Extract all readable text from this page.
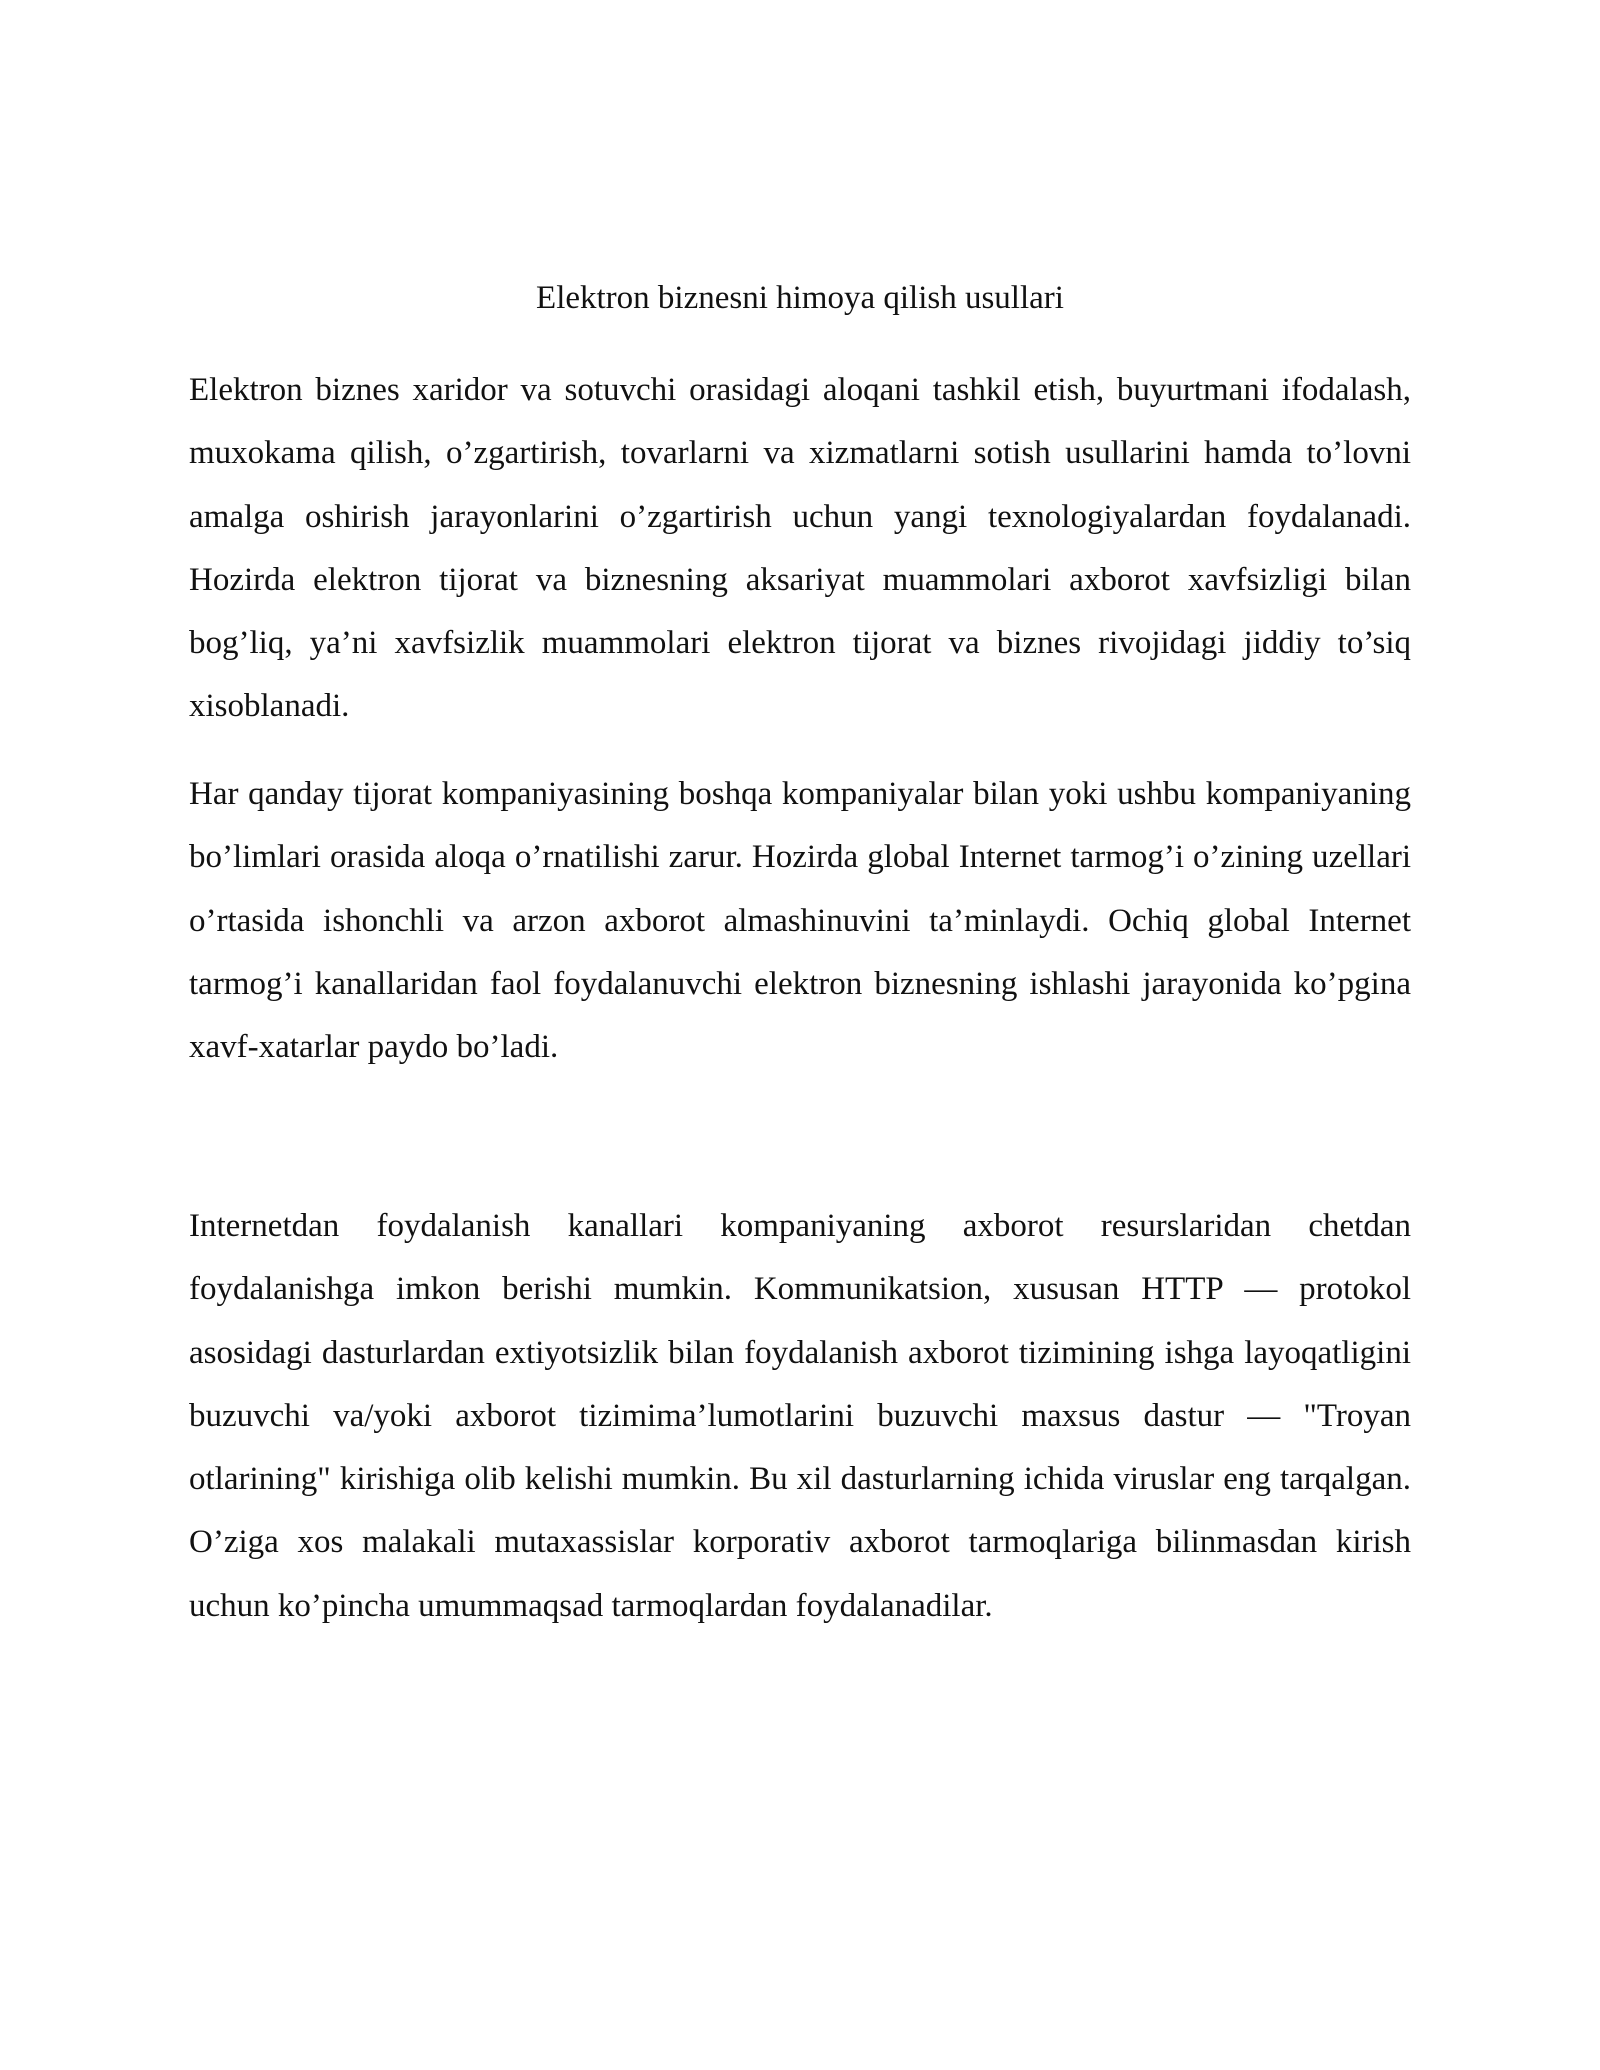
Elektron biznesni himoya qilish usullari

Elektron biznes xaridor va sotuvchi orasidagi aloqani tashkil etish, buyurtmani ifodalash, muxokama qilish, o’zgartirish, tovarlarni va xizmatlarni sotish usullarini hamda to’lovni amalga oshirish jarayonlarini o’zgartirish uchun yangi texnologiyalardan foydalanadi. Hozirda elektron tijorat va biznesning aksariyat muammolari axborot xavfsizligi bilan bog’liq, ya’ni xavfsizlik muammolari elektron tijorat va biznes rivojidagi jiddiy to’siq xisoblanadi.

Har qanday tijorat kompaniyasining boshqa kompaniyalar bilan yoki ushbu kompaniyaning bo’limlari orasida aloqa o’rnatilishi zarur. Hozirda global Internet tarmog’i o’zining uzellari o’rtasida ishonchli va arzon axborot almashinuvini ta’minlaydi. Ochiq global Internet tarmog’i kanallaridan faol foydalanuvchi elektron biznesning ishlashi jarayonida ko’pgina xavf-xatarlar paydo bo’ladi.

Internetdan foydalanish kanallari kompaniyaning axborot resurslaridan chetdan foydalanishga imkon berishi mumkin. Kommunikatsion, xususan HTTP — protokol asosidagi dasturlardan extiyotsizlik bilan foydalanish axborot tizimining ishga layoqatligini buzuvchi va/yoki axborot tizimima’lumotlarini buzuvchi maxsus dastur — "Troyan otlarining" kirishiga olib kelishi mumkin. Bu xil dasturlarning ichida viruslar eng tarqalgan. O’ziga xos malakali mutaxassislar korporativ axborot tarmoqlariga bilinmasdan kirish uchun ko’pincha umummaqsad tarmoqlardan foydalanadilar.
